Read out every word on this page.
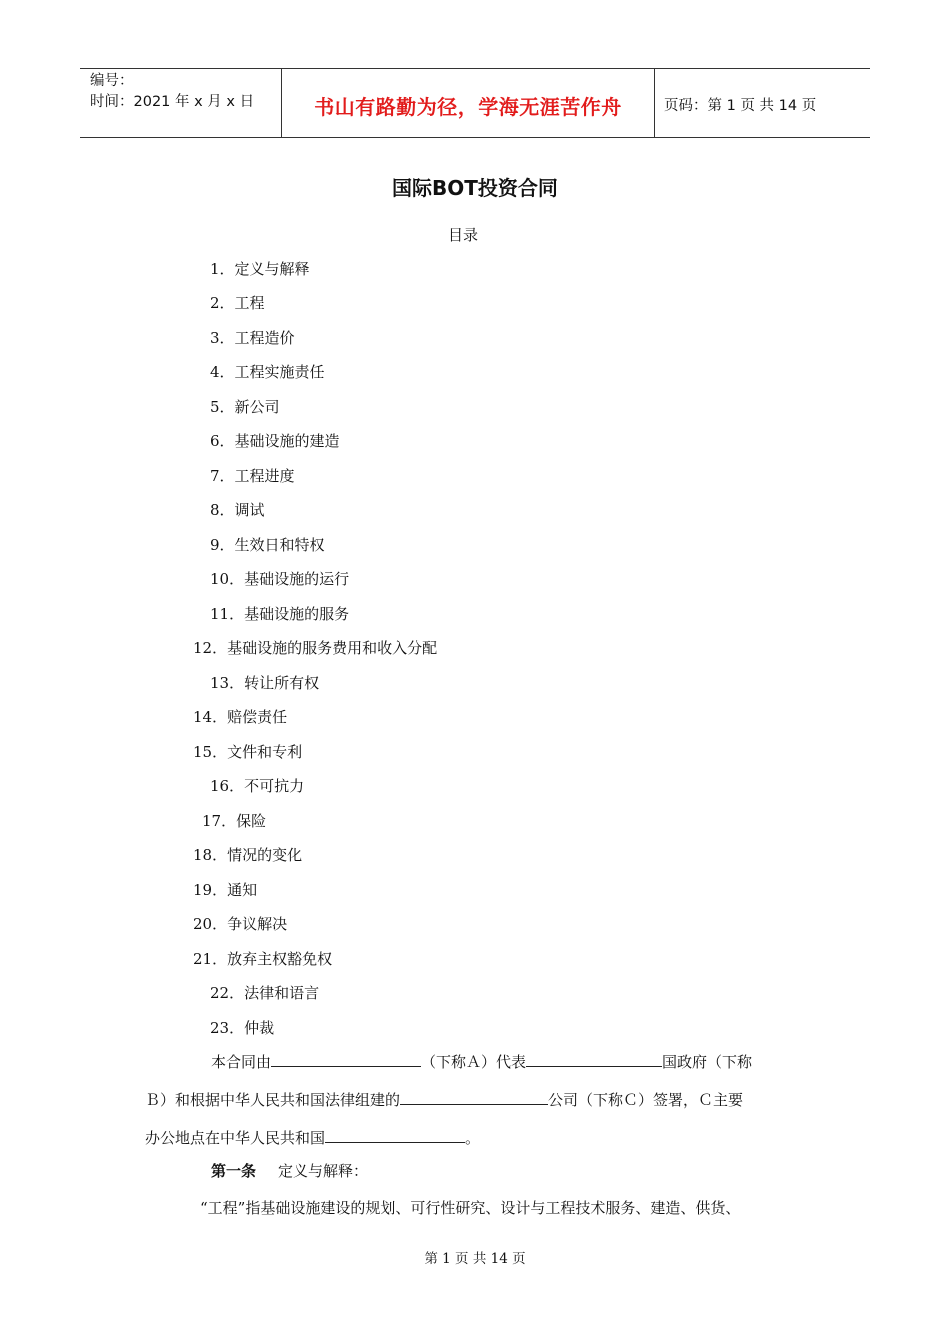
编号：
时间：2021 年 x 月 x 日	书山有路勤为径，学海无涯苦作舟	页码：第 1 页 共 14 页
国际BOT投资合同
目录
1．定义与解释
2．工程
3．工程造价
4．工程实施责任
5．新公司
6．基础设施的建造
7．工程进度
8．调试
9．生效日和特权
10．基础设施的运行
11．基础设施的服务
12．基础设施的服务费用和收入分配
13．转让所有权
14．赔偿责任
15．文件和专利
16．不可抗力
17．保险
18．情况的变化
19．通知
20．争议解决
21．放弃主权豁免权
22．法律和语言
23．仲裁
本合同由	（下称Ａ）代表	国政府（下称
Ｂ）和根据中华人民共和国法律组建的	公司（下称Ｃ）签署，Ｃ主要
办公地点在中华人民共和国	。
第一条 定义与解释：
“工程”指基础设施建设的规划、可行性研究、设计与工程技术服务、建造、供货、
第 1 页 共 14 页
